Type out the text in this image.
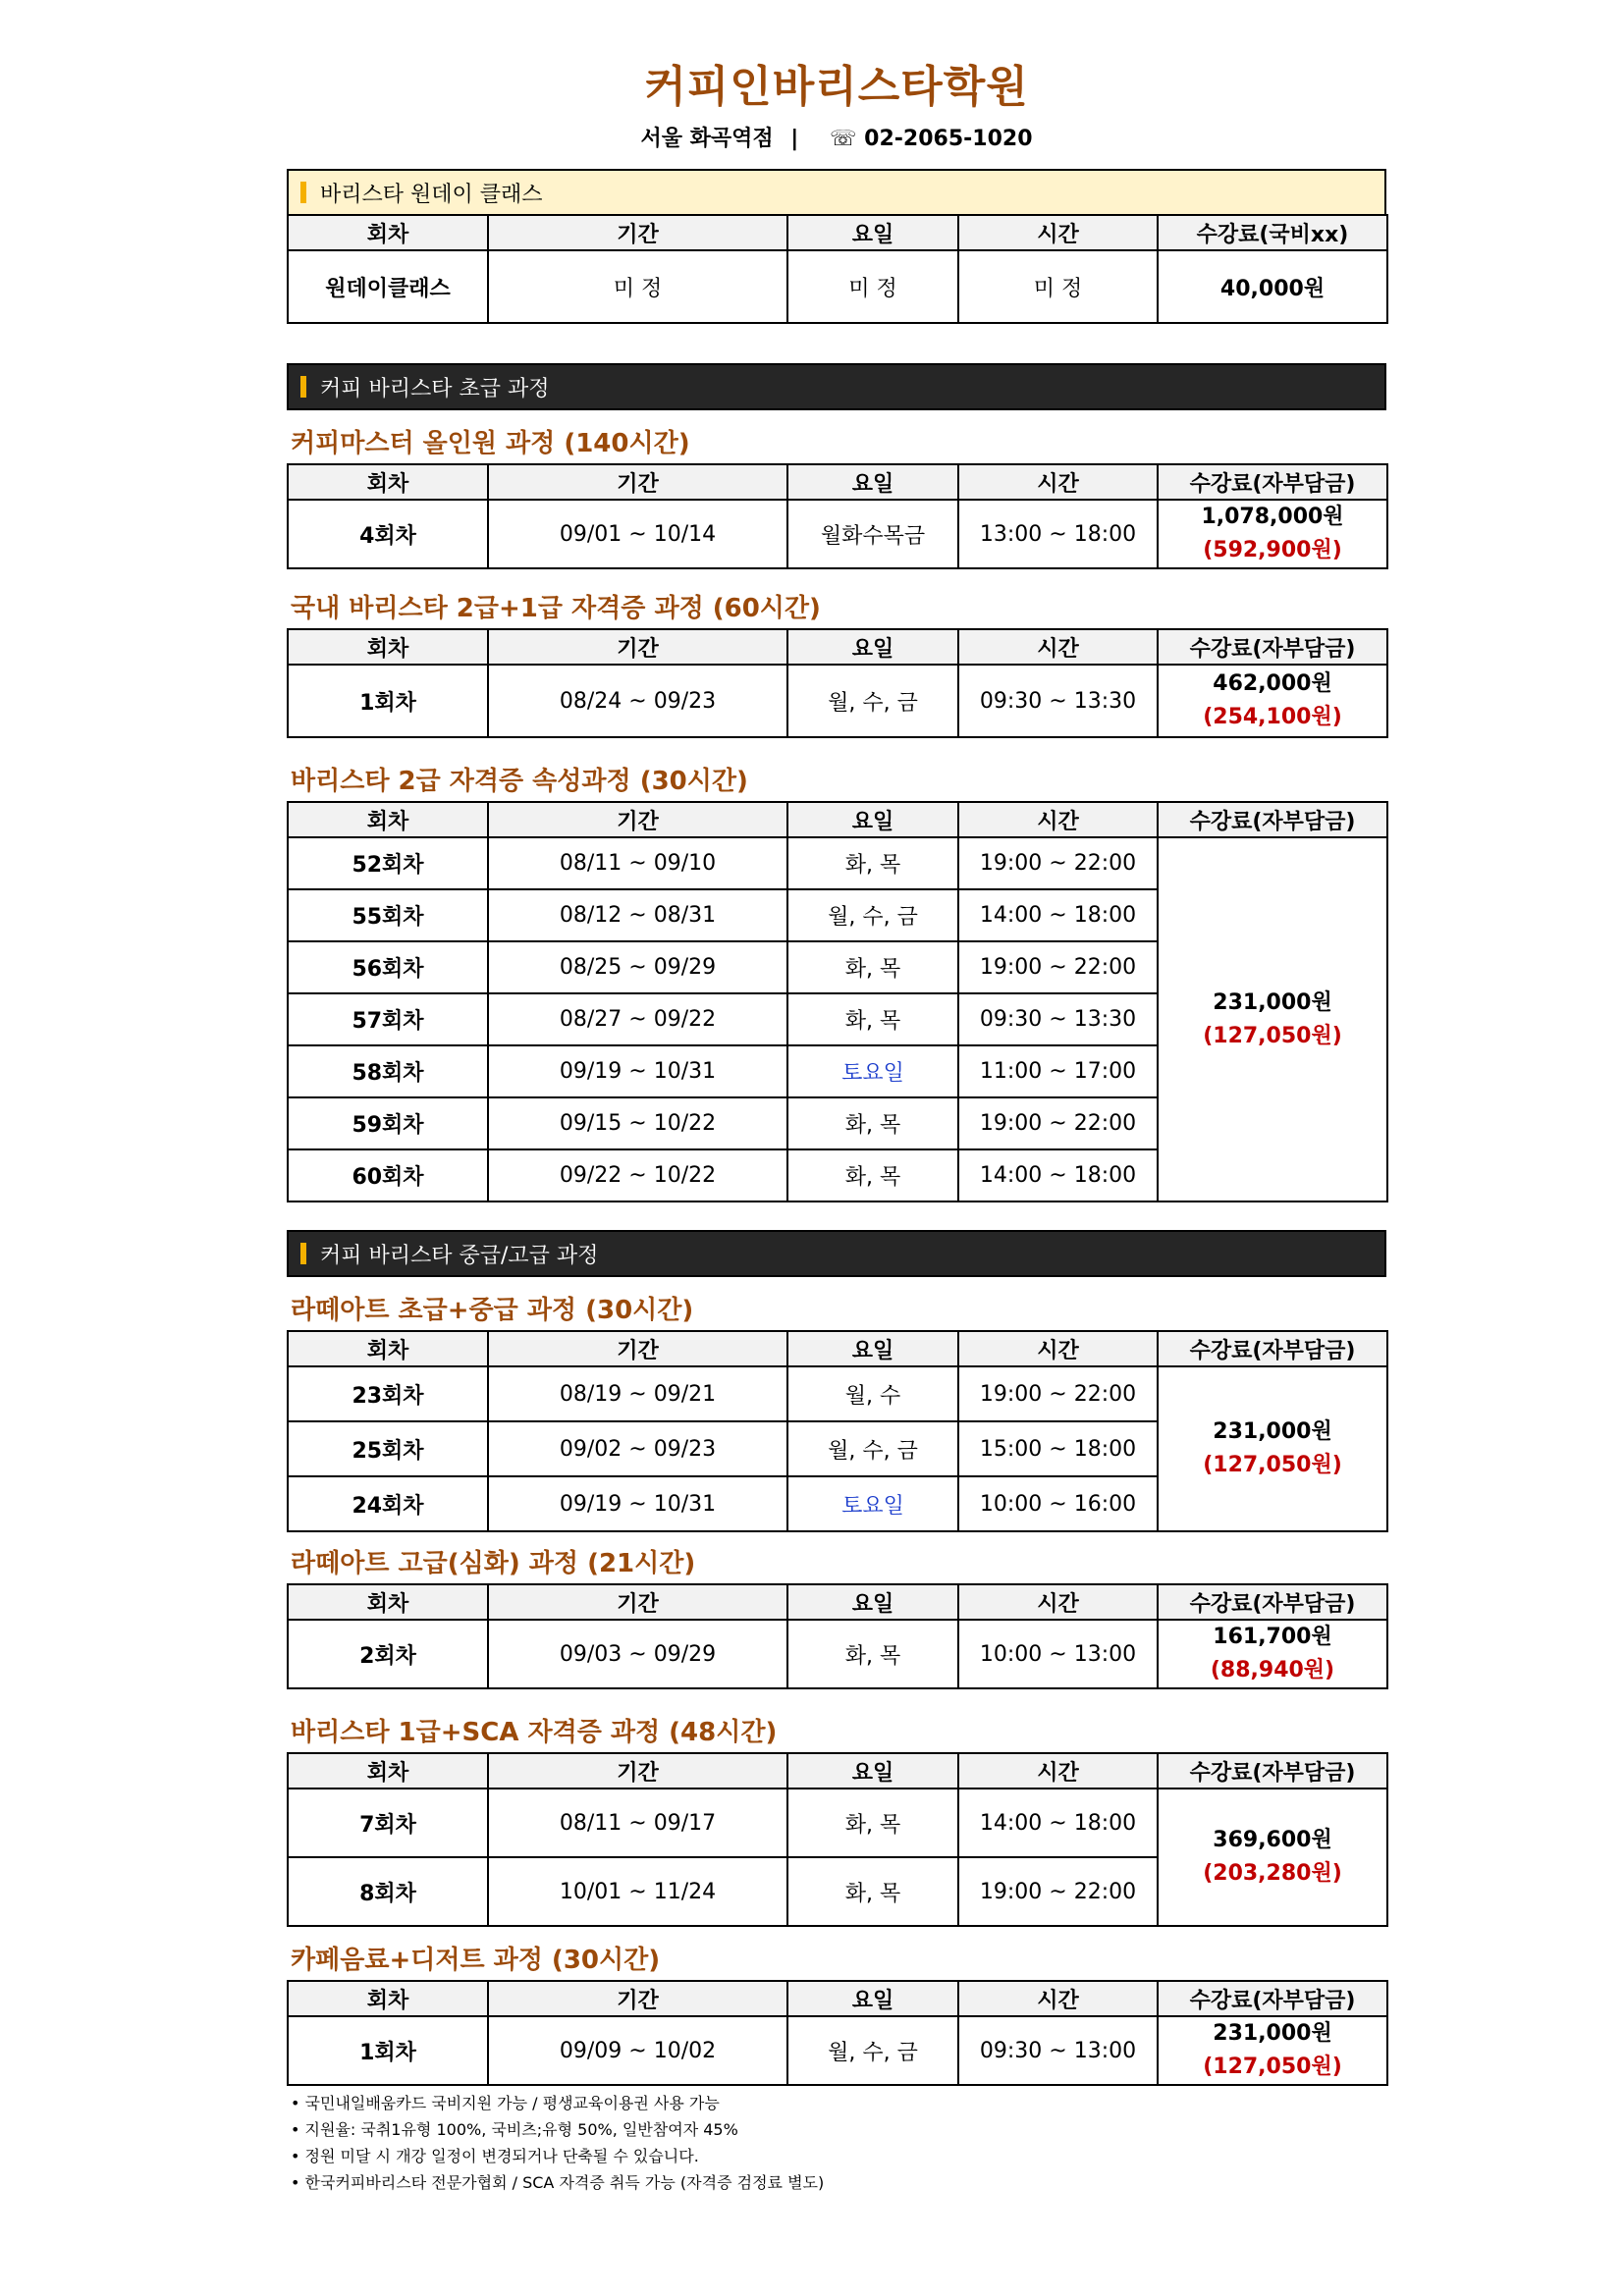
커피인바리스타학원
서울 화곡역점 | ☏ 02-2065-1020
바리스타 원데이 클래스
회차	기간	요일	시간	수강료(국비xx)
원데이클래스	미 정	미 정	미 정	40,000원
커피 바리스타 초급 과정
커피마스터 올인원 과정 (140시간)
회차	기간	요일	시간	수강료(자부담금)
4회차	09/01 ~ 10/14	월화수목금	13:00 ~ 18:00	1,078,000원
(592,900원)
국내 바리스타 2급+1급 자격증 과정 (60시간)
회차	기간	요일	시간	수강료(자부담금)
1회차	08/24 ~ 09/23	월, 수, 금	09:30 ~ 13:30	462,000원
(254,100원)
바리스타 2급 자격증 속성과정 (30시간)
회차	기간	요일	시간	수강료(자부담금)
52회차	08/11 ~ 09/10	화, 목	19:00 ~ 22:00	231,000원
(127,050원)

55회차	08/12 ~ 08/31	월, 수, 금	14:00 ~ 18:00	
56회차	08/25 ~ 09/29	화, 목	19:00 ~ 22:00	
57회차	08/27 ~ 09/22	화, 목	09:30 ~ 13:30	
58회차	09/19 ~ 10/31	토요일	11:00 ~ 17:00	
59회차	09/15 ~ 10/22	화, 목	19:00 ~ 22:00	
60회차	09/22 ~ 10/22	화, 목	14:00 ~ 18:00	
커피 바리스타 중급/고급 과정
라떼아트 초급+중급 과정 (30시간)
회차	기간	요일	시간	수강료(자부담금)
23회차	08/19 ~ 09/21	월, 수	19:00 ~ 22:00	231,000원
(127,050원)

25회차	09/02 ~ 09/23	월, 수, 금	15:00 ~ 18:00	
24회차	09/19 ~ 10/31	토요일	10:00 ~ 16:00	
라떼아트 고급(심화) 과정 (21시간)
회차	기간	요일	시간	수강료(자부담금)
2회차	09/03 ~ 09/29	화, 목	10:00 ~ 13:00	161,700원
(88,940원)
바리스타 1급+SCA 자격증 과정 (48시간)
회차	기간	요일	시간	수강료(자부담금)
7회차	08/11 ~ 09/17	화, 목	14:00 ~ 18:00	369,600원
(203,280원)

8회차	10/01 ~ 11/24	화, 목	19:00 ~ 22:00	
카페음료+디저트 과정 (30시간)
회차	기간	요일	시간	수강료(자부담금)
1회차	09/09 ~ 10/02	월, 수, 금	09:30 ~ 13:00	231,000원
(127,050원)
• 국민내일배움카드 국비지원 가능 / 평생교육이용권 사용 가능
• 지원율: 국취1유형 100%, 국비츠;유형 50%, 일반참여자 45%
• 정원 미달 시 개강 일정이 변경되거나 단축될 수 있습니다.
• 한국커피바리스타 전문가협회 / SCA 자격증 취득 가능 (자격증 검정료 별도)
